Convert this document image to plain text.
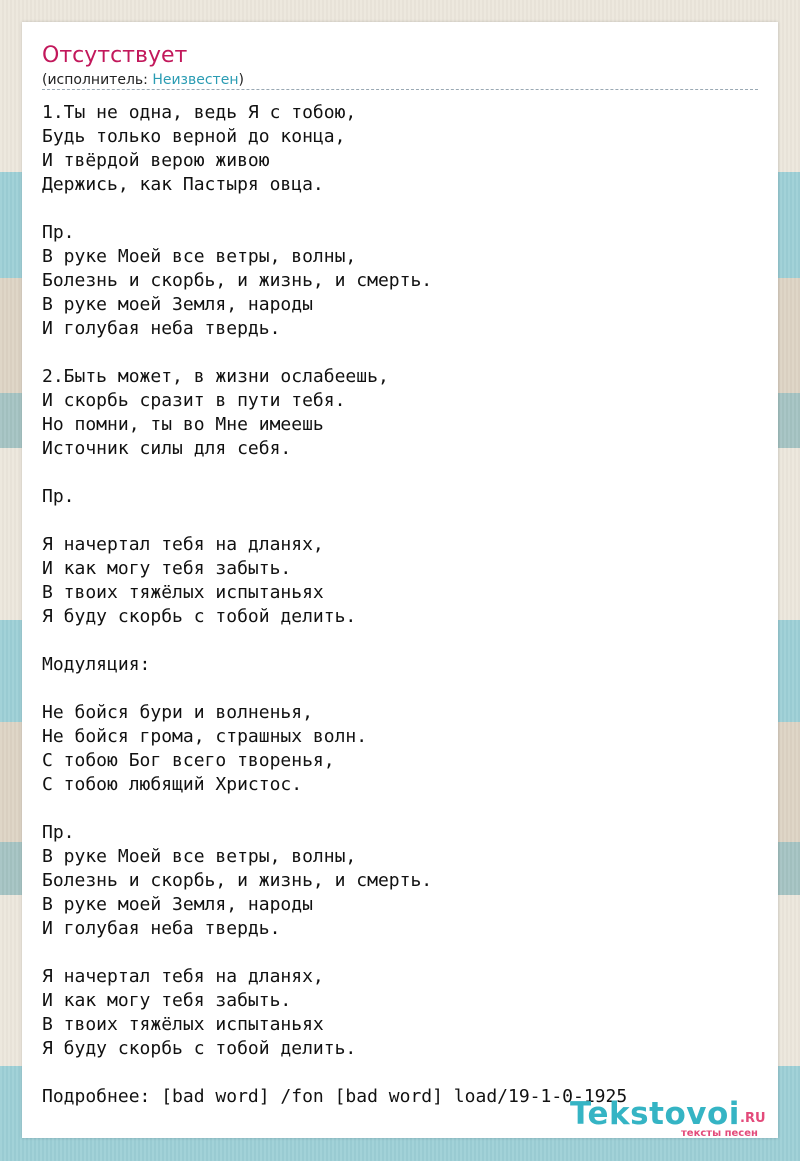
Отсутствует
(исполнитель: Неизвестен)
1.Ты не одна, ведь Я с тобою,
Будь только верной до конца,
И твёрдой верою живою
Держись, как Пастыря овца.

Пр.
В руке Моей все ветры, волны,
Болезнь и скорбь, и жизнь, и смерть.
В руке моей Земля, народы
И голубая неба твердь.

2.Быть может, в жизни ослабеешь,
И скорбь сразит в пути тебя.
Но помни, ты во Мне имеешь
Источник силы для себя.

Пр.

Я начертал тебя на дланях,
И как могу тебя забыть.
В твоих тяжёлых испытаньях
Я буду скорбь с тобой делить.

Модуляция:

Не бойся бури и волненья,
Не бойся грома, страшных волн.
С тобою Бог всего творенья,
С тобою любящий Христос.

Пр.
В руке Моей все ветры, волны,
Болезнь и скорбь, и жизнь, и смерть.
В руке моей Земля, народы
И голубая неба твердь.

Я начертал тебя на дланях,
И как могу тебя забыть.
В твоих тяжёлых испытаньях
Я буду скорбь с тобой делить.

Подробнее: [bad word] /fon [bad word] load/19-1-0-1925
Tekstovoi .RU
тексты песен
